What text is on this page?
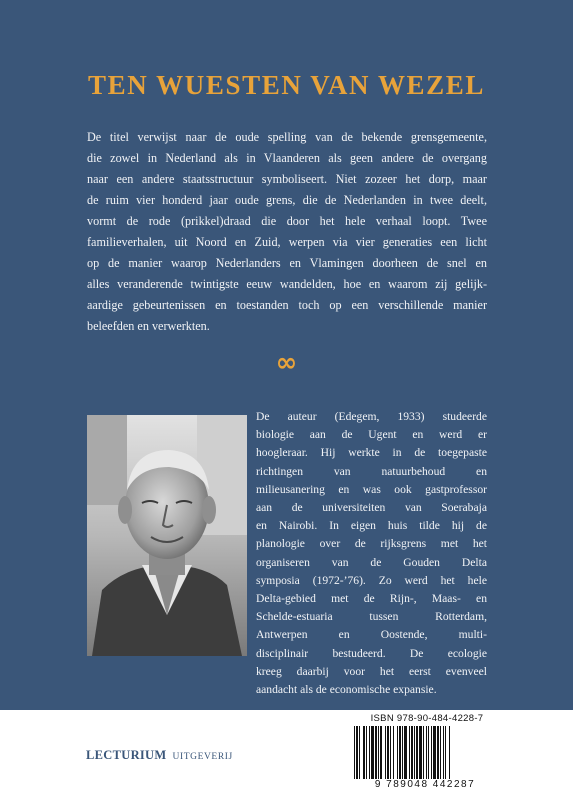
TEN WUESTEN VAN WEZEL
De titel verwijst naar de oude spelling van de bekende grensgemeente,
die zowel in Nederland als in Vlaanderen als geen andere de overgang
naar een andere staatsstructuur symboliseert. Niet zozeer het dorp, maar
de ruim vier honderd jaar oude grens, die de Nederlanden in twee deelt,
vormt de rode (prikkel)draad die door het hele verhaal loopt. Twee
familieverhalen, uit Noord en Zuid, werpen via vier generaties een licht
op de manier waarop Nederlanders en Vlamingen doorheen de snel en
alles veranderende twintigste eeuw wandelden, hoe en waarom zij gelijk-
aardige gebeurtenissen en toestanden toch op een verschillende manier
beleefden en verwerkten.
∞
De auteur (Edegem, 1933) studeerde
biologie aan de Ugent en werd er
hoogleraar. Hij werkte in de toegepaste
richtingen van natuurbehoud en
milieusanering en was ook gastprofessor
aan de universiteiten van Soerabaja
en Nairobi. In eigen huis tilde hij de
planologie over de rijksgrens met het
organiseren van de Gouden Delta
symposia (1972-’76). Zo werd het hele
Delta-gebied met de Rijn-, Maas- en
Schelde-estuaria tussen Rotterdam,
Antwerpen en Oostende, multi-
disciplinair bestudeerd. De ecologie
kreeg daarbij voor het eerst evenveel
aandacht als de economische expansie.
LECTURIUM UITGEVERIJ
ISBN 978-90-484-4228-7
9 789048 442287
